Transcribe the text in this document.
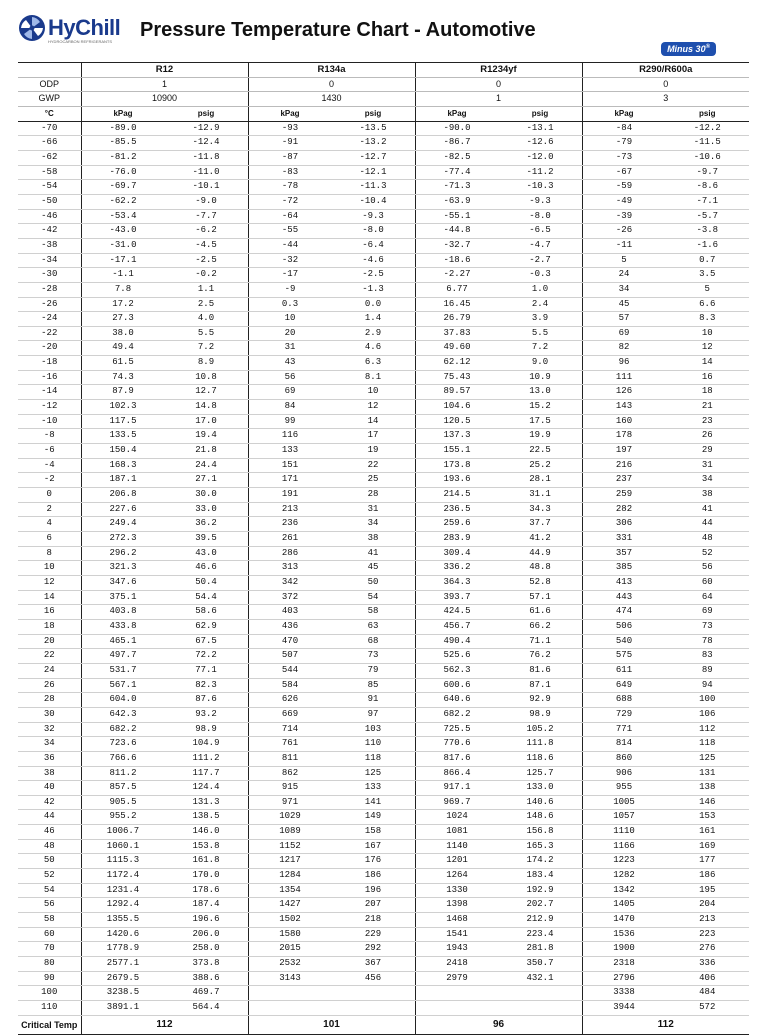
HyChill
HYDROCARBON REFRIGERANTS
Pressure Temperature Chart - Automotive
Minus 30®
	R12		R134a		R1234yf		R290/R600a	
ODP	1		0		0		0	
GWP	10900		1430		1		3	
°C	kPag	psig	kPag	psig	kPag	psig	kPag	psig
-70	-89.0	-12.9	-93	-13.5	-90.0	-13.1	-84	-12.2
-66	-85.5	-12.4	-91	-13.2	-86.7	-12.6	-79	-11.5
-62	-81.2	-11.8	-87	-12.7	-82.5	-12.0	-73	-10.6
-58	-76.0	-11.0	-83	-12.1	-77.4	-11.2	-67	-9.7
-54	-69.7	-10.1	-78	-11.3	-71.3	-10.3	-59	-8.6
-50	-62.2	-9.0	-72	-10.4	-63.9	-9.3	-49	-7.1
-46	-53.4	-7.7	-64	-9.3	-55.1	-8.0	-39	-5.7
-42	-43.0	-6.2	-55	-8.0	-44.8	-6.5	-26	-3.8
-38	-31.0	-4.5	-44	-6.4	-32.7	-4.7	-11	-1.6
-34	-17.1	-2.5	-32	-4.6	-18.6	-2.7	5	0.7
-30	-1.1	-0.2	-17	-2.5	-2.27	-0.3	24	3.5
-28	7.8	1.1	-9	-1.3	6.77	1.0	34	5
-26	17.2	2.5	0.3	0.0	16.45	2.4	45	6.6
-24	27.3	4.0	10	1.4	26.79	3.9	57	8.3
-22	38.0	5.5	20	2.9	37.83	5.5	69	10
-20	49.4	7.2	31	4.6	49.60	7.2	82	12
-18	61.5	8.9	43	6.3	62.12	9.0	96	14
-16	74.3	10.8	56	8.1	75.43	10.9	111	16
-14	87.9	12.7	69	10	89.57	13.0	126	18
-12	102.3	14.8	84	12	104.6	15.2	143	21
-10	117.5	17.0	99	14	120.5	17.5	160	23
-8	133.5	19.4	116	17	137.3	19.9	178	26
-6	150.4	21.8	133	19	155.1	22.5	197	29
-4	168.3	24.4	151	22	173.8	25.2	216	31
-2	187.1	27.1	171	25	193.6	28.1	237	34
0	206.8	30.0	191	28	214.5	31.1	259	38
2	227.6	33.0	213	31	236.5	34.3	282	41
4	249.4	36.2	236	34	259.6	37.7	306	44
6	272.3	39.5	261	38	283.9	41.2	331	48
8	296.2	43.0	286	41	309.4	44.9	357	52
10	321.3	46.6	313	45	336.2	48.8	385	56
12	347.6	50.4	342	50	364.3	52.8	413	60
14	375.1	54.4	372	54	393.7	57.1	443	64
16	403.8	58.6	403	58	424.5	61.6	474	69
18	433.8	62.9	436	63	456.7	66.2	506	73
20	465.1	67.5	470	68	490.4	71.1	540	78
22	497.7	72.2	507	73	525.6	76.2	575	83
24	531.7	77.1	544	79	562.3	81.6	611	89
26	567.1	82.3	584	85	600.6	87.1	649	94
28	604.0	87.6	626	91	640.6	92.9	688	100
30	642.3	93.2	669	97	682.2	98.9	729	106
32	682.2	98.9	714	103	725.5	105.2	771	112
34	723.6	104.9	761	110	770.6	111.8	814	118
36	766.6	111.2	811	118	817.6	118.6	860	125
38	811.2	117.7	862	125	866.4	125.7	906	131
40	857.5	124.4	915	133	917.1	133.0	955	138
42	905.5	131.3	971	141	969.7	140.6	1005	146
44	955.2	138.5	1029	149	1024	148.6	1057	153
46	1006.7	146.0	1089	158	1081	156.8	1110	161
48	1060.1	153.8	1152	167	1140	165.3	1166	169
50	1115.3	161.8	1217	176	1201	174.2	1223	177
52	1172.4	170.0	1284	186	1264	183.4	1282	186
54	1231.4	178.6	1354	196	1330	192.9	1342	195
56	1292.4	187.4	1427	207	1398	202.7	1405	204
58	1355.5	196.6	1502	218	1468	212.9	1470	213
60	1420.6	206.0	1580	229	1541	223.4	1536	223
70	1778.9	258.0	2015	292	1943	281.8	1900	276
80	2577.1	373.8	2532	367	2418	350.7	2318	336
90	2679.5	388.6	3143	456	2979	432.1	2796	406
100	3238.5	469.7					3338	484
110	3891.1	564.4					3944	572
Critical Temp	112		101		96		112	
